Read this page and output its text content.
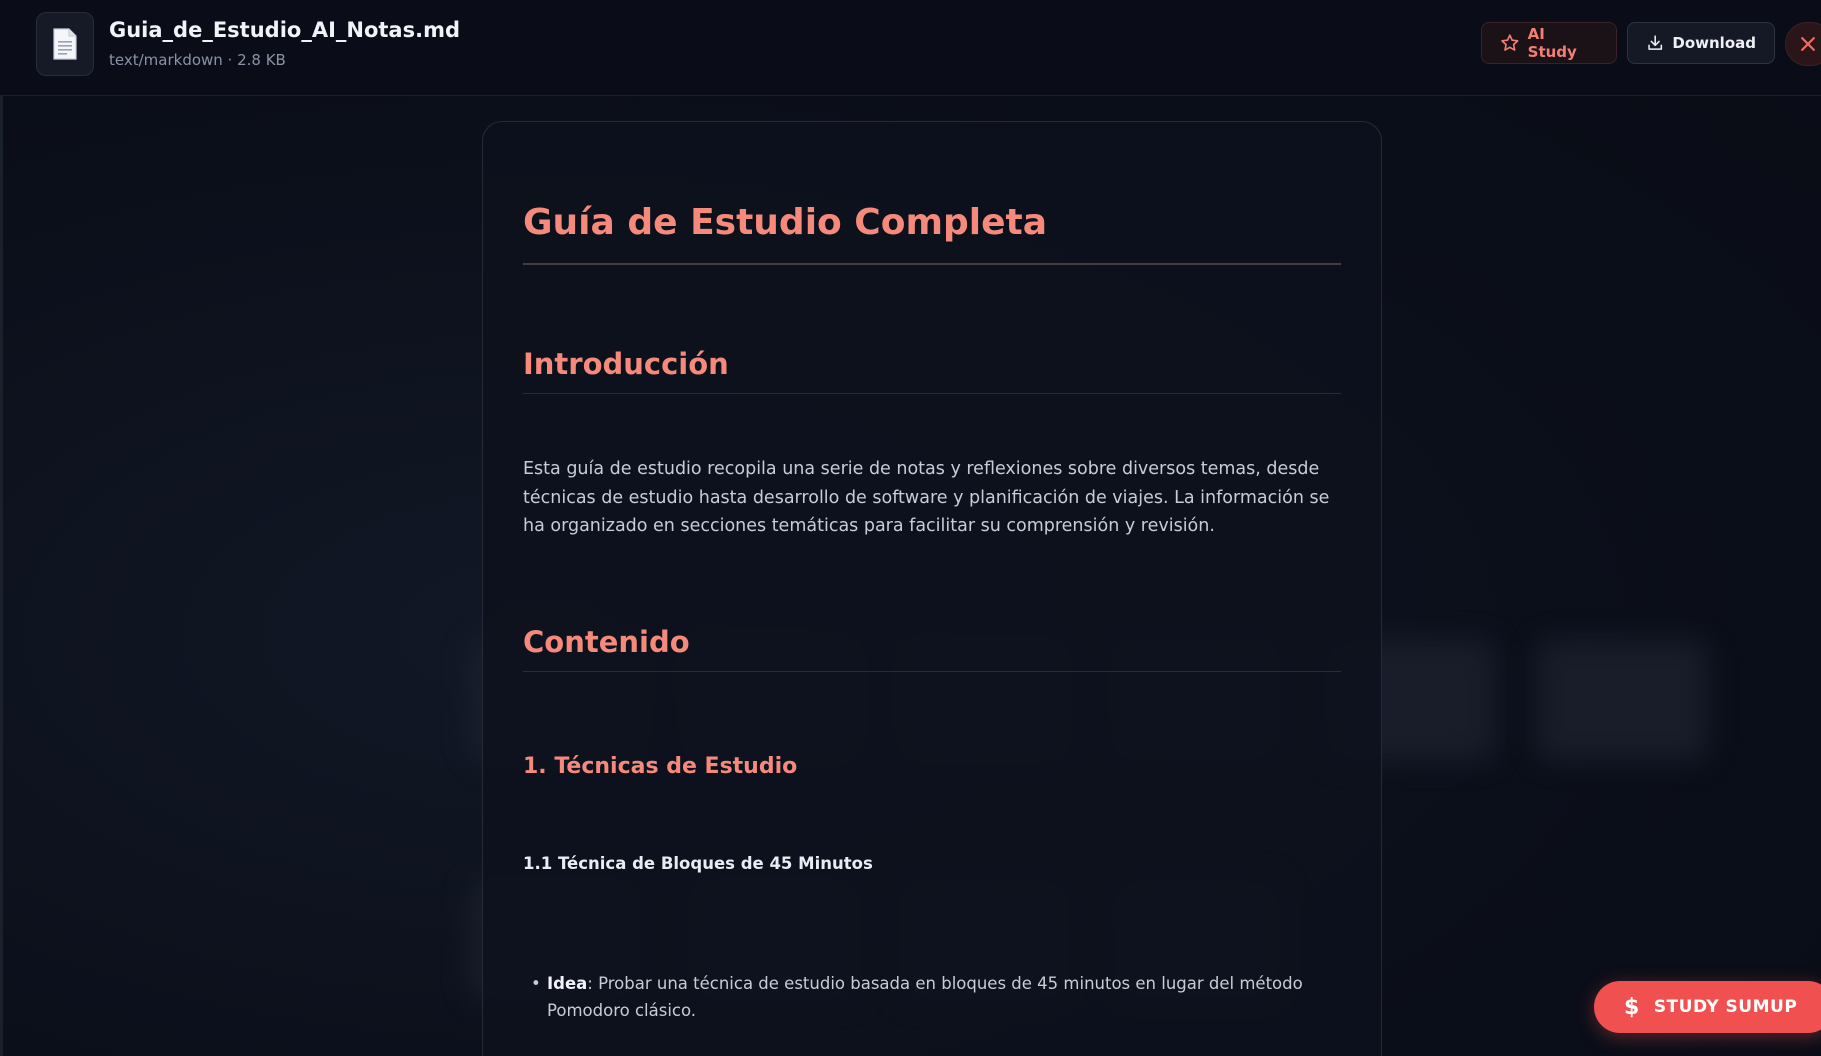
Guia_de_Estudio_AI_Notas.md
text/markdown · 2.8 KB
AI Study	Download
Guía de Estudio Completa
Introducción

Esta guía de estudio recopila una serie de notas y reflexiones sobre diversos temas, desde técnicas de estudio hasta desarrollo de software y planificación de viajes. La información se ha organizado en secciones temáticas para facilitar su comprensión y revisión.

Contenido
1. Técnicas de Estudio
1.1 Técnica de Bloques de 45 Minutos
• Idea: Probar una técnica de estudio basada en bloques de 45 minutos en lugar del método Pomodoro clásico.	$ STUDY SUMUP
